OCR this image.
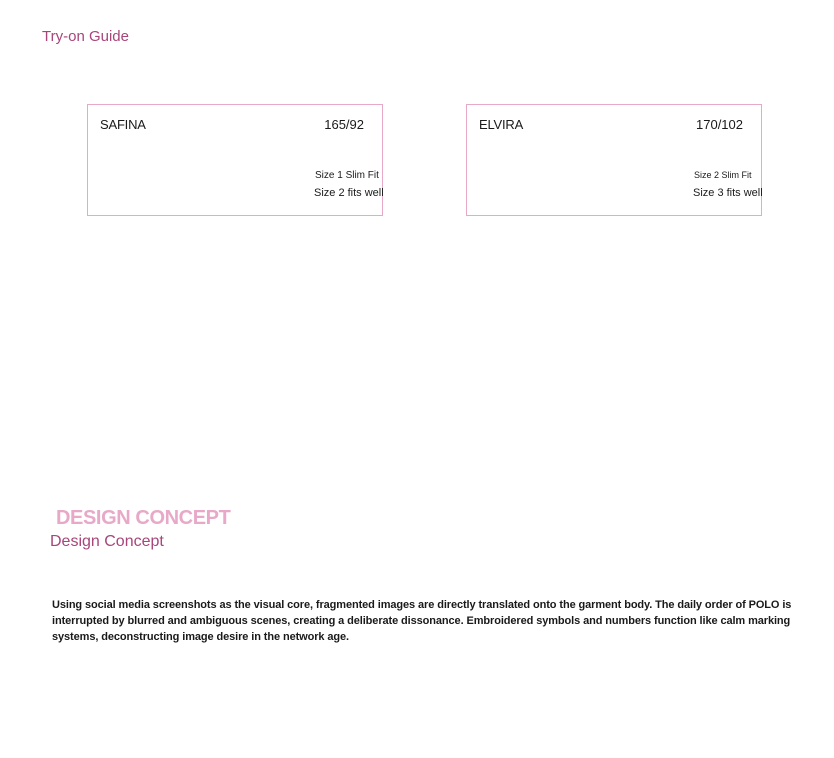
Try-on Guide
SAFINA	165/92
Size 1 Slim Fit
Size 2 fits well
ELVIRA	170/102
Size 2 Slim Fit
Size 3 fits well
DESIGN CONCEPT
Design Concept

Using social media screenshots as the visual core, fragmented images are directly translated onto the garment body. The daily order of POLO is interrupted by blurred and ambiguous scenes, creating a deliberate dissonance. Embroidered symbols and numbers function like calm marking systems, deconstructing image desire in the network age.
